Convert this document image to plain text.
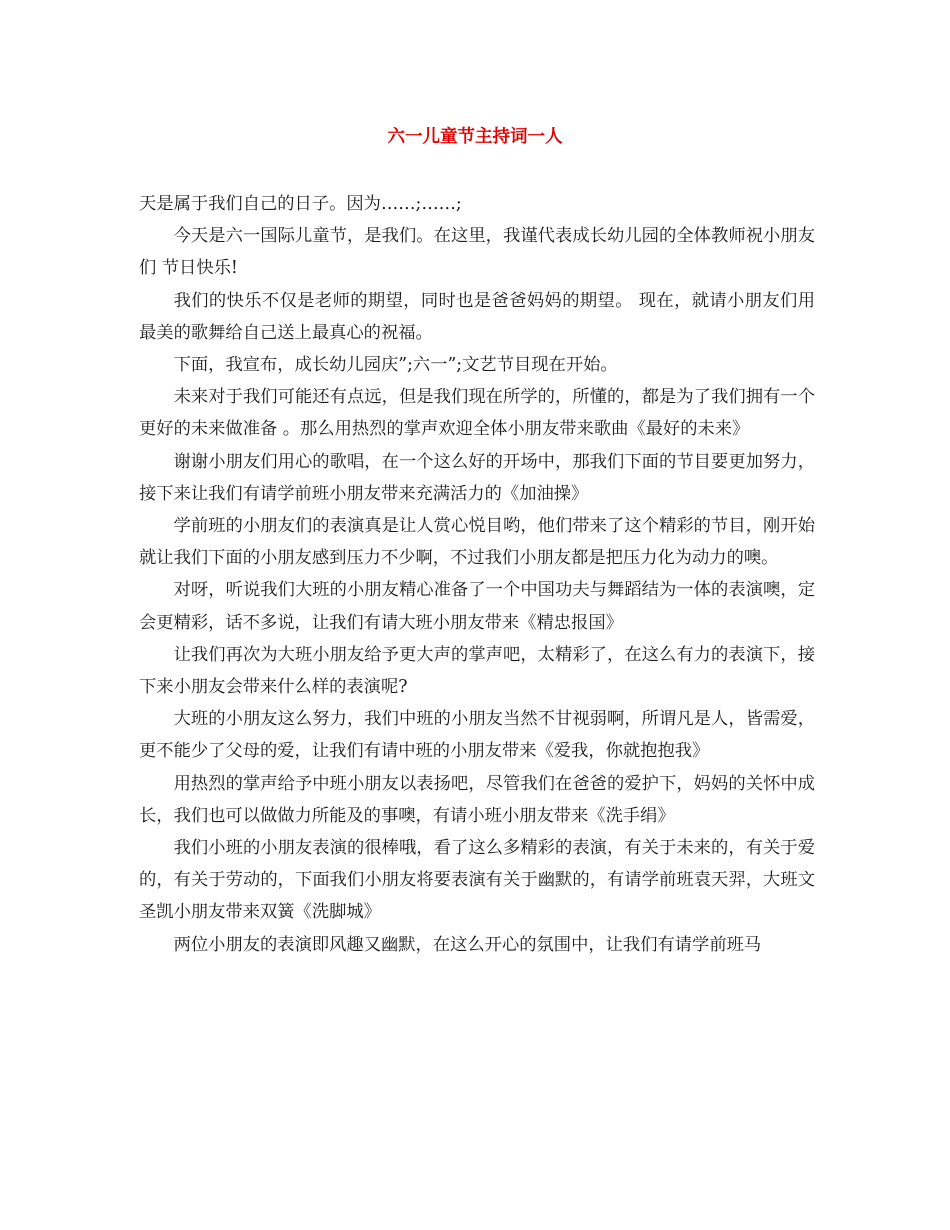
六一儿童节主持词一人

天是属于我们自己的日子。因为……;……;

今天是六一国际儿童节，是我们。在这里，我谨代表成长幼儿园的全体教师祝小朋友们 节日快乐!

我们的快乐不仅是老师的期望，同时也是爸爸妈妈的期望。 现在，就请小朋友们用最美的歌舞给自己送上最真心的祝福。

下面，我宣布，成长幼儿园庆”;六一”;文艺节目现在开始。

未来对于我们可能还有点远，但是我们现在所学的，所懂的，都是为了我们拥有一个更好的未来做准备 。那么用热烈的掌声欢迎全体小朋友带来歌曲《最好的未来》

谢谢小朋友们用心的歌唱，在一个这么好的开场中，那我们下面的节目要更加努力，接下来让我们有请学前班小朋友带来充满活力的《加油操》

学前班的小朋友们的表演真是让人赏心悦目哟，他们带来了这个精彩的节目，刚开始就让我们下面的小朋友感到压力不少啊，不过我们小朋友都是把压力化为动力的噢。

对呀，听说我们大班的小朋友精心准备了一个中国功夫与舞蹈结为一体的表演噢，定会更精彩，话不多说，让我们有请大班小朋友带来《精忠报国》

让我们再次为大班小朋友给予更大声的掌声吧，太精彩了，在这么有力的表演下，接下来小朋友会带来什么样的表演呢?

大班的小朋友这么努力，我们中班的小朋友当然不甘视弱啊，所谓凡是人，皆需爱，更不能少了父母的爱，让我们有请中班的小朋友带来《爱我，你就抱抱我》

用热烈的掌声给予中班小朋友以表扬吧，尽管我们在爸爸的爱护下，妈妈的关怀中成长，我们也可以做做力所能及的事噢，有请小班小朋友带来《洗手绢》

我们小班的小朋友表演的很棒哦，看了这么多精彩的表演，有关于未来的，有关于爱的，有关于劳动的，下面我们小朋友将要表演有关于幽默的，有请学前班袁天羿，大班文圣凯小朋友带来双簧《洗脚城》

两位小朋友的表演即风趣又幽默，在这么开心的氛围中，让我们有请学前班马
